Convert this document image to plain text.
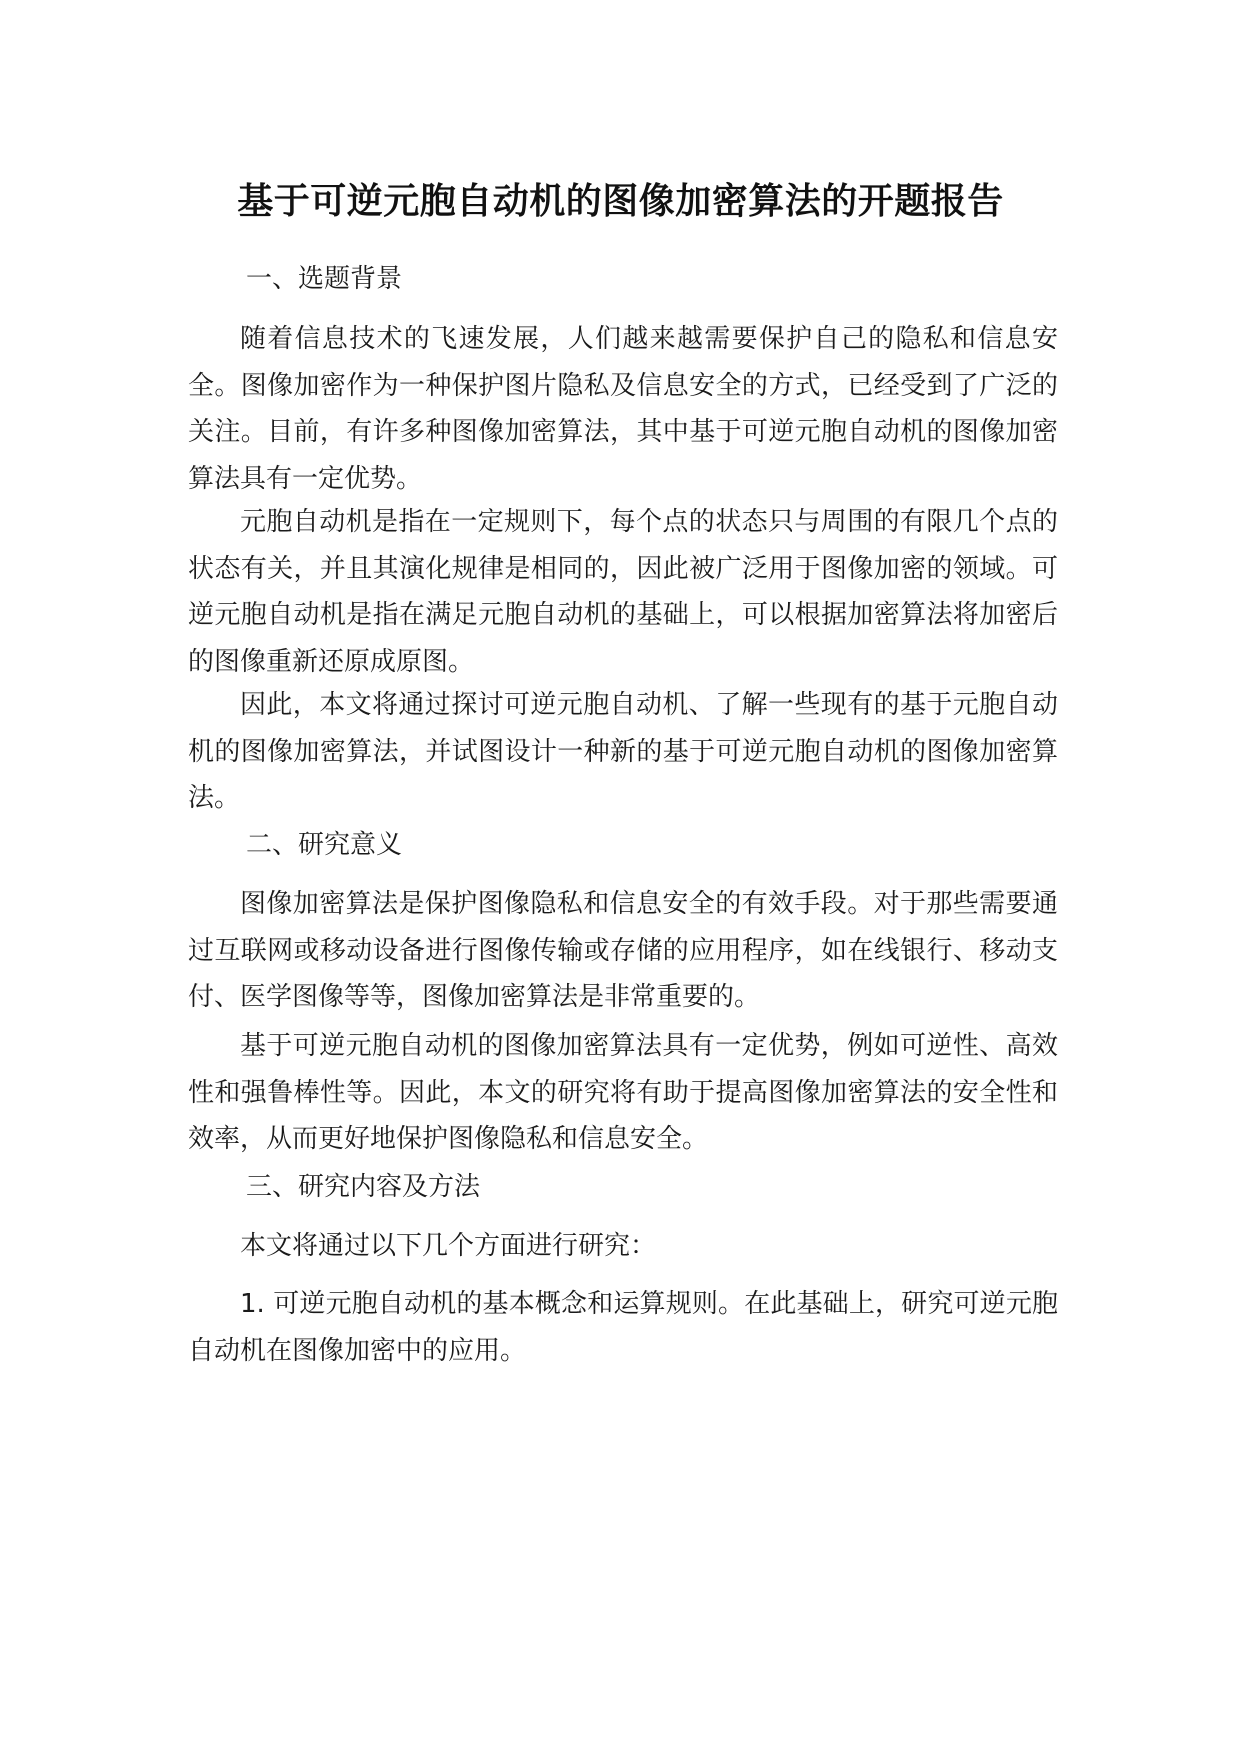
基于可逆元胞自动机的图像加密算法的开题报告
一、选题背景

随着信息技术的飞速发展，人们越来越需要保护自己的隐私和信息安全。图像加密作为一种保护图片隐私及信息安全的方式，已经受到了广泛的关注。目前，有许多种图像加密算法，其中基于可逆元胞自动机的图像加密算法具有一定优势。

元胞自动机是指在一定规则下，每个点的状态只与周围的有限几个点的状态有关，并且其演化规律是相同的，因此被广泛用于图像加密的领域。可逆元胞自动机是指在满足元胞自动机的基础上，可以根据加密算法将加密后的图像重新还原成原图。

因此，本文将通过探讨可逆元胞自动机、了解一些现有的基于元胞自动机的图像加密算法，并试图设计一种新的基于可逆元胞自动机的图像加密算法。

二、研究意义

图像加密算法是保护图像隐私和信息安全的有效手段。对于那些需要通过互联网或移动设备进行图像传输或存储的应用程序，如在线银行、移动支付、医学图像等等，图像加密算法是非常重要的。

基于可逆元胞自动机的图像加密算法具有一定优势，例如可逆性、高效性和强鲁棒性等。因此，本文的研究将有助于提高图像加密算法的安全性和效率，从而更好地保护图像隐私和信息安全。

三、研究内容及方法

本文将通过以下几个方面进行研究：

1. 可逆元胞自动机的基本概念和运算规则。在此基础上，研究可逆元胞自动机在图像加密中的应用。
